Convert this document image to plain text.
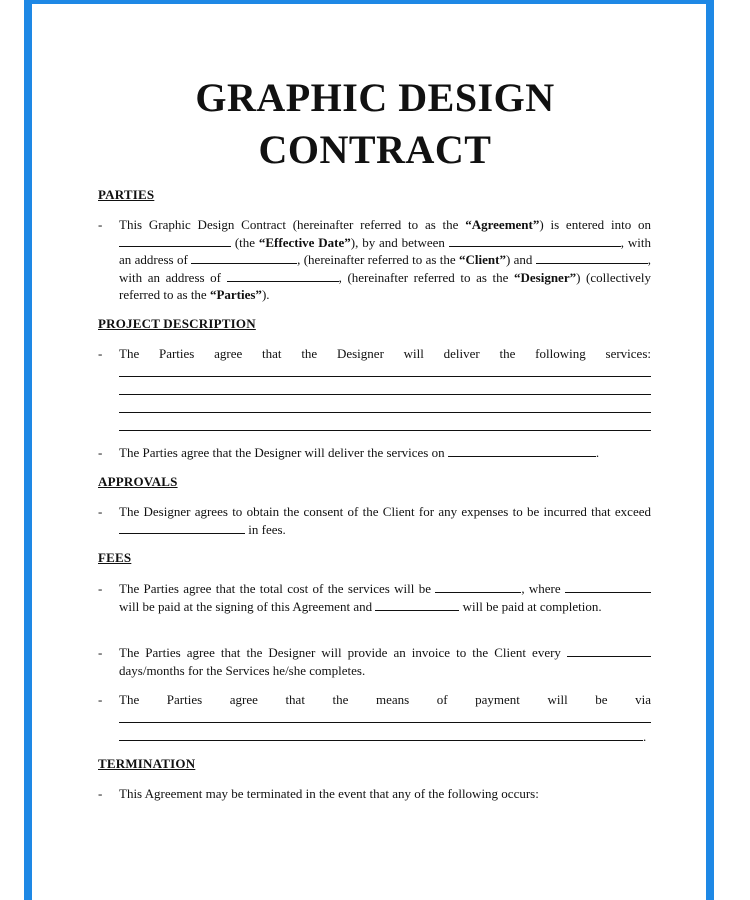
GRAPHIC DESIGN
CONTRACT
PARTIES
-	This Graphic Design Contract (hereinafter referred to as the “Agreement”) is entered into on  (the “Effective Date”), by and between	, with an address of	, (hereinafter referred to as the “Client”) and	, with an address of	, (hereinafter referred to as the “Designer”) (collectively referred to as the “Parties”).
PROJECT DESCRIPTION
-	The Parties agree that the Designer will deliver the following services:
-	The Parties agree that the Designer will deliver the services on	.
APPROVALS
-	The Designer agrees to obtain the consent of the Client for any expenses to be incurred that exceed  in fees.
FEES
-	The Parties agree that the total cost of the services will be	, where  will be paid at the signing of this Agreement and	will be paid at completion.
-	The Parties agree that the Designer will provide an invoice to the Client every  days/months for the Services he/she completes.
-	The Parties agree that the means of payment will be via
.
TERMINATION
-	This Agreement may be terminated in the event that any of the following occurs:
